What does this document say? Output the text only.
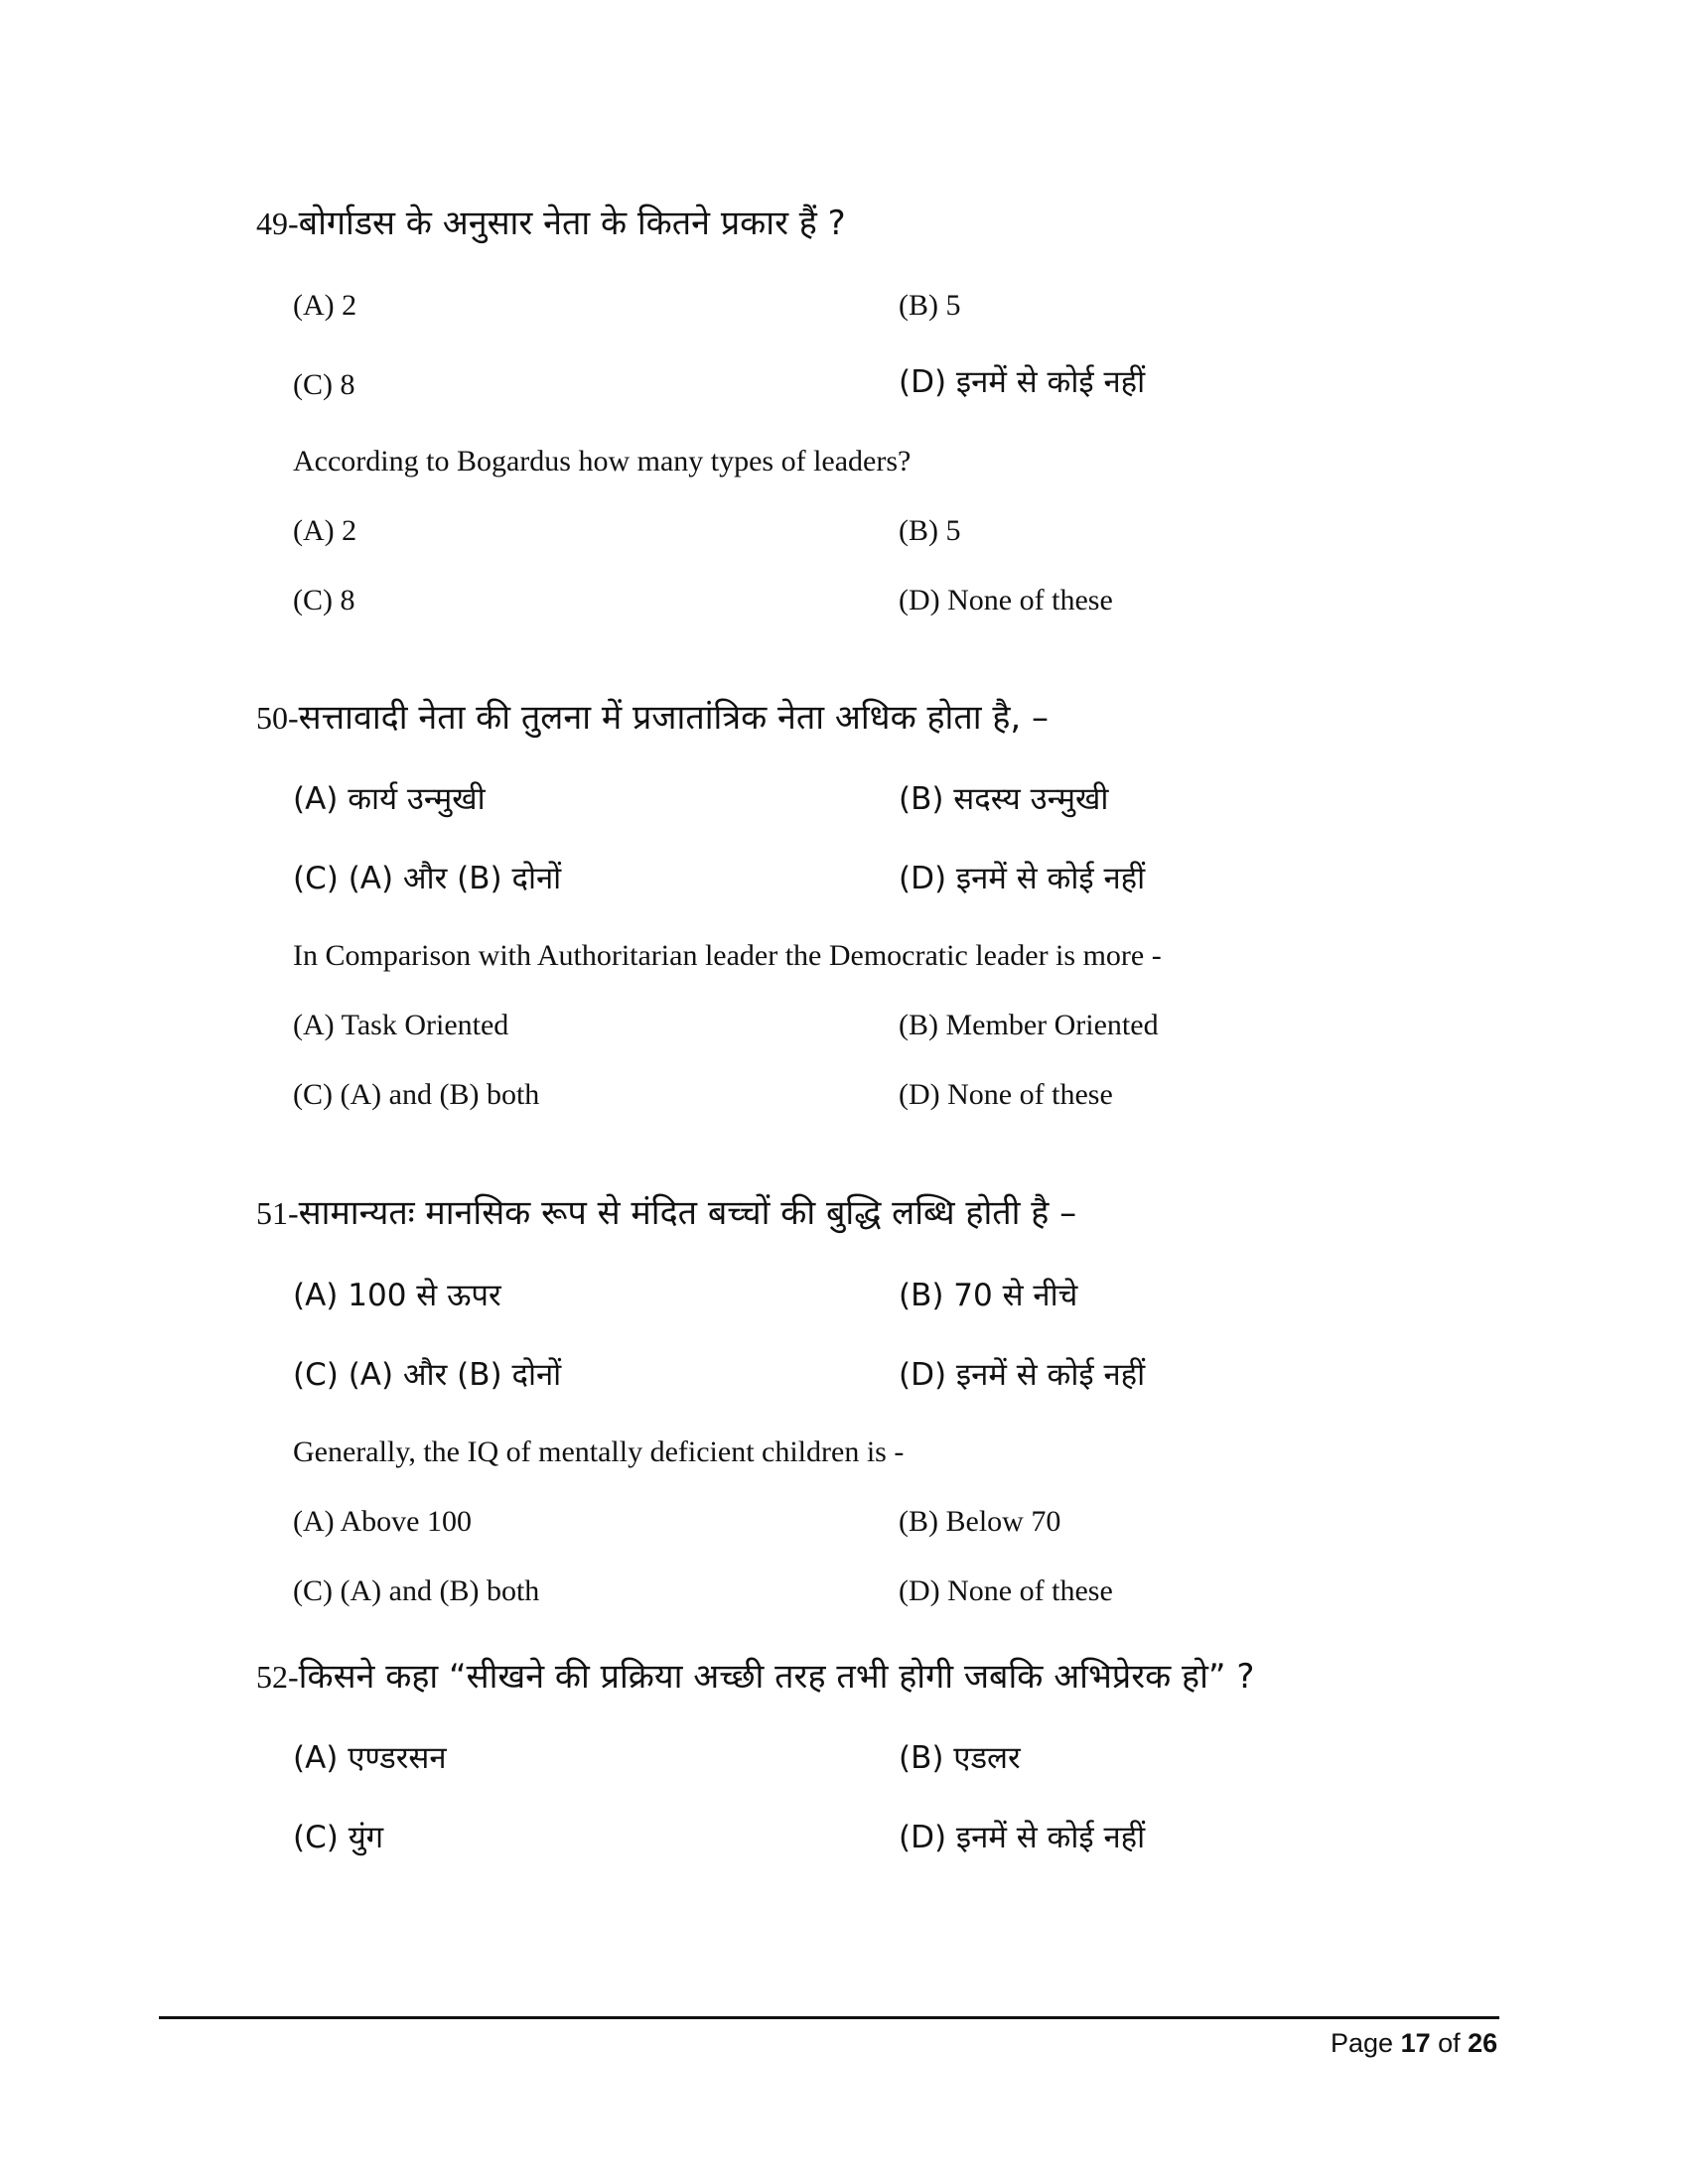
49-बोर्गाडस के अनुसार नेता के कितने प्रकार हैं ?
(A) 2	(B) 5
(C) 8	(D) इनमें से कोई नहीं
According to Bogardus how many types of leaders?
(A) 2	(B) 5
(C) 8	(D) None of these
50-सत्तावादी नेता की तुलना में प्रजातांत्रिक नेता अधिक होता है, –
(A) कार्य उन्मुखी	(B) सदस्य उन्मुखी
(C) (A) और (B) दोनों	(D) इनमें से कोई नहीं
In Comparison with Authoritarian leader the Democratic leader is more -
(A) Task Oriented	(B) Member Oriented
(C) (A) and (B) both	(D) None of these
51-सामान्यतः मानसिक रूप से मंदित बच्चों की बुद्धि लब्धि होती है –
(A) 100 से ऊपर	(B) 70 से नीचे
(C) (A) और (B) दोनों	(D) इनमें से कोई नहीं
Generally, the IQ of mentally deficient children is -
(A) Above 100	(B) Below 70
(C) (A) and (B) both	(D) None of these
52-किसने कहा “सीखने की प्रक्रिया अच्छी तरह तभी होगी जबकि अभिप्रेरक हो” ?
(A) एण्डरसन	(B) एडलर
(C) युंग	(D) इनमें से कोई नहीं
Page 17 of 26
